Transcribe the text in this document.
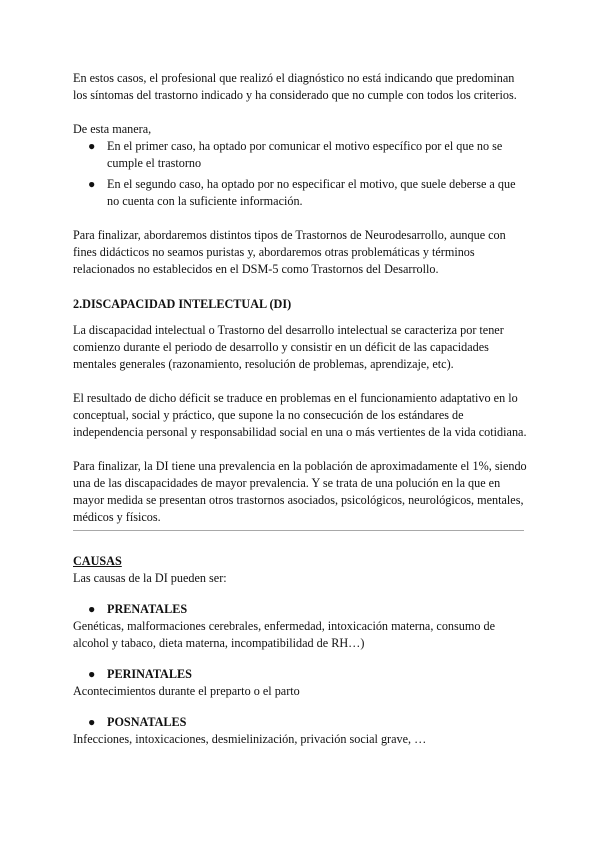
En estos casos, el profesional que realizó el diagnóstico no está indicando que predominan los síntomas del trastorno indicado y ha considerado que no cumple con todos los criterios.

De esta manera,

● En el primer caso, ha optado por comunicar el motivo específico por el que no se cumple el trastorno
● En el segundo caso, ha optado por no especificar el motivo, que suele deberse a que no cuenta con la suficiente información.

Para finalizar, abordaremos distintos tipos de Trastornos de Neurodesarrollo, aunque con fines didácticos no seamos puristas y, abordaremos otras problemáticas y términos relacionados no establecidos en el DSM-5 como Trastornos del Desarrollo.

2.DISCAPACIDAD INTELECTUAL (DI)

La discapacidad intelectual o Trastorno del desarrollo intelectual se caracteriza por tener comienzo durante el periodo de desarrollo y consistir en un déficit de las capacidades mentales generales (razonamiento, resolución de problemas, aprendizaje, etc).

El resultado de dicho déficit se traduce en problemas en el funcionamiento adaptativo en lo conceptual, social y práctico, que supone la no consecución de los estándares de independencia personal y responsabilidad social en una o más vertientes de la vida cotidiana.

Para finalizar, la DI tiene una prevalencia en la población de aproximadamente el 1%, siendo una de las discapacidades de mayor prevalencia. Y se trata de una polución en la que en mayor medida se presentan otros trastornos asociados, psicológicos, neurológicos, mentales, médicos y físicos.

CAUSAS

Las causas de la DI pueden ser:

● PRENATALES

Genéticas, malformaciones cerebrales, enfermedad, intoxicación materna, consumo de alcohol y tabaco, dieta materna, incompatibilidad de RH…)

● PERINATALES

Acontecimientos durante el preparto o el parto

● POSNATALES

Infecciones, intoxicaciones, desmielinización, privación social grave, …
